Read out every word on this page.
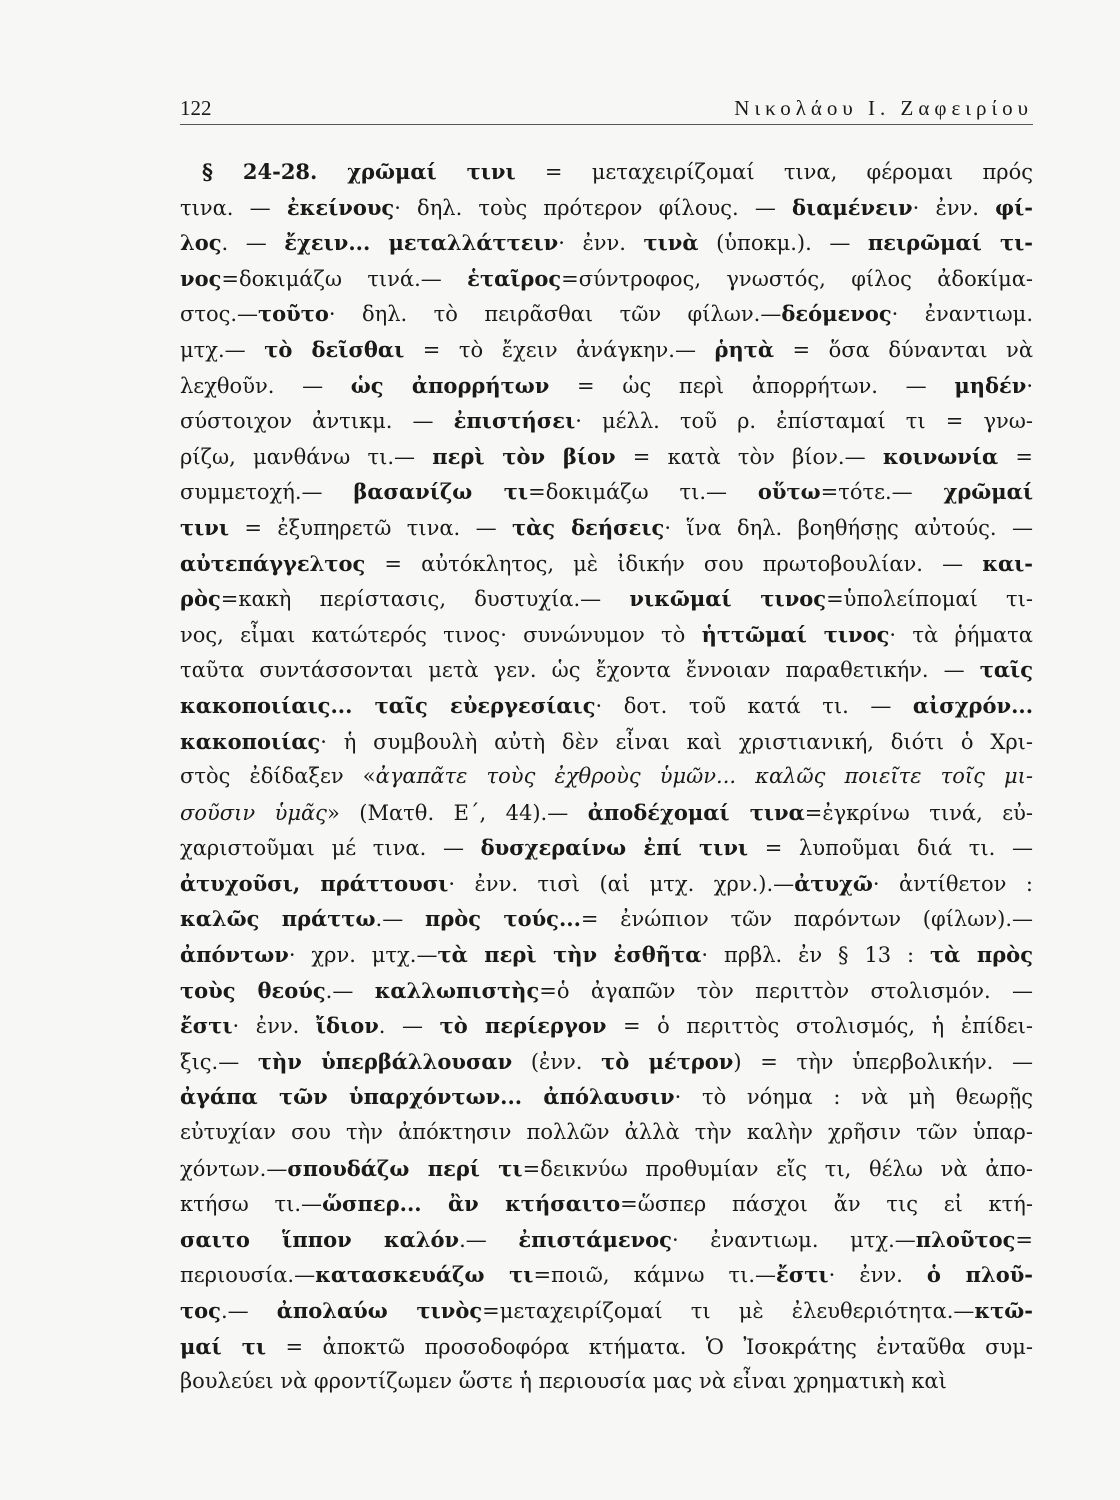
122	Νικολάου Ι. Ζαφειρίου
§ 24-28. χρῶμαί τινι = μεταχειρίζομαί τινα, φέρομαι πρός
τινα. — ἐκείνους· δηλ. τοὺς πρότερον φίλους. — διαμένειν· ἐνν. φί-
λος. — ἔχειν... μεταλλάττειν· ἐνν. τινὰ (ὑποκμ.). — πειρῶμαί τι-
νος=δοκιμάζω τινά.— ἑταῖρος=σύντροφος, γνωστός, φίλος ἀδοκίμα-
στος.—τοῦτο· δηλ. τὸ πειρᾶσθαι τῶν φίλων.—δεόμενος· ἐναντιωμ.
μτχ.— τὸ δεῖσθαι = τὸ ἔχειν ἀνάγκην.— ῥητὰ = ὅσα δύνανται νὰ
λεχθοῦν. — ὡς ἀπορρήτων = ὡς περὶ ἀπορρήτων. — μηδέν·
σύστοιχον ἀντικμ. — ἐπιστήσει· μέλλ. τοῦ ρ. ἐπίσταμαί τι = γνω-
ρίζω, μανθάνω τι.— περὶ τὸν βίον = κατὰ τὸν βίον.— κοινωνία =
συμμετοχή.— βασανίζω τι=δοκιμάζω τι.— οὕτω=τότε.— χρῶμαί
τινι = ἐξυπηρετῶ τινα. — τὰς δεήσεις· ἵνα δηλ. βοηθήσῃς αὐτούς. —
αὐτεπάγγελτος = αὐτόκλητος, μὲ ἰδικήν σου πρωτοβουλίαν. — και-
ρὸς=κακὴ περίστασις, δυστυχία.— νικῶμαί τινος=ὑπολείπομαί τι-
νος, εἶμαι κατώτερός τινος· συνώνυμον τὸ ἡττῶμαί τινος· τὰ ῥήματα
ταῦτα συντάσσονται μετὰ γεν. ὡς ἔχοντα ἔννοιαν παραθετικήν. — ταῖς
κακοποιίαις... ταῖς εὐεργεσίαις· δοτ. τοῦ κατά τι. — αἰσχρόν...
κακοποιίας· ἡ συμβουλὴ αὐτὴ δὲν εἶναι καὶ χριστιανική, διότι ὁ Χρι-
στὸς ἐδίδαξεν «ἀγαπᾶτε τοὺς ἐχθροὺς ὑμῶν... καλῶς ποιεῖτε τοῖς μι-
σοῦσιν ὑμᾶς» (Ματθ. Ε΄, 44).— ἀποδέχομαί τινα=ἐγκρίνω τινά, εὐ-
χαριστοῦμαι μέ τινα. — δυσχεραίνω ἐπί τινι = λυποῦμαι διά τι. —
ἀτυχοῦσι, πράττουσι· ἐνν. τισὶ (αἱ μτχ. χρν.).—ἀτυχῶ· ἀντίθετον :
καλῶς πράττω.— πρὸς τούς...= ἐνώπιον τῶν παρόντων (φίλων).—
ἀπόντων· χρν. μτχ.—τὰ περὶ τὴν ἐσθῆτα· πρβλ. ἐν § 13 : τὰ πρὸς
τοὺς θεούς.— καλλωπιστὴς=ὁ ἀγαπῶν τὸν περιττὸν στολισμόν. —
ἔστι· ἐνν. ἴδιον. — τὸ περίεργον = ὁ περιττὸς στολισμός, ἡ ἐπίδει-
ξις.— τὴν ὑπερβάλλουσαν (ἐνν. τὸ μέτρον) = τὴν ὑπερβολικήν. —
ἀγάπα τῶν ὑπαρχόντων... ἀπόλαυσιν· τὸ νόημα : νὰ μὴ θεωρῇς
εὐτυχίαν σου τὴν ἀπόκτησιν πολλῶν ἀλλὰ τὴν καλὴν χρῆσιν τῶν ὑπαρ-
χόντων.—σπουδάζω περί τι=δεικνύω προθυμίαν εἴς τι, θέλω νὰ ἀπο-
κτήσω τι.—ὥσπερ... ἂν κτήσαιτο=ὥσπερ πάσχοι ἄν τις εἰ κτή-
σαιτο ἵππον καλόν.— ἐπιστάμενος· ἐναντιωμ. μτχ.—πλοῦτος=
περιουσία.—κατασκευάζω τι=ποιῶ, κάμνω τι.—ἔστι· ἐνν. ὁ πλοῦ-
τος.— ἀπολαύω τινὸς=μεταχειρίζομαί τι μὲ ἐλευθεριότητα.—κτῶ-
μαί τι = ἀποκτῶ προσοδοφόρα κτήματα. Ὁ Ἰσοκράτης ἐνταῦθα συμ-
βουλεύει νὰ φροντίζωμεν ὥστε ἡ περιουσία μας νὰ εἶναι χρηματικὴ καὶ
